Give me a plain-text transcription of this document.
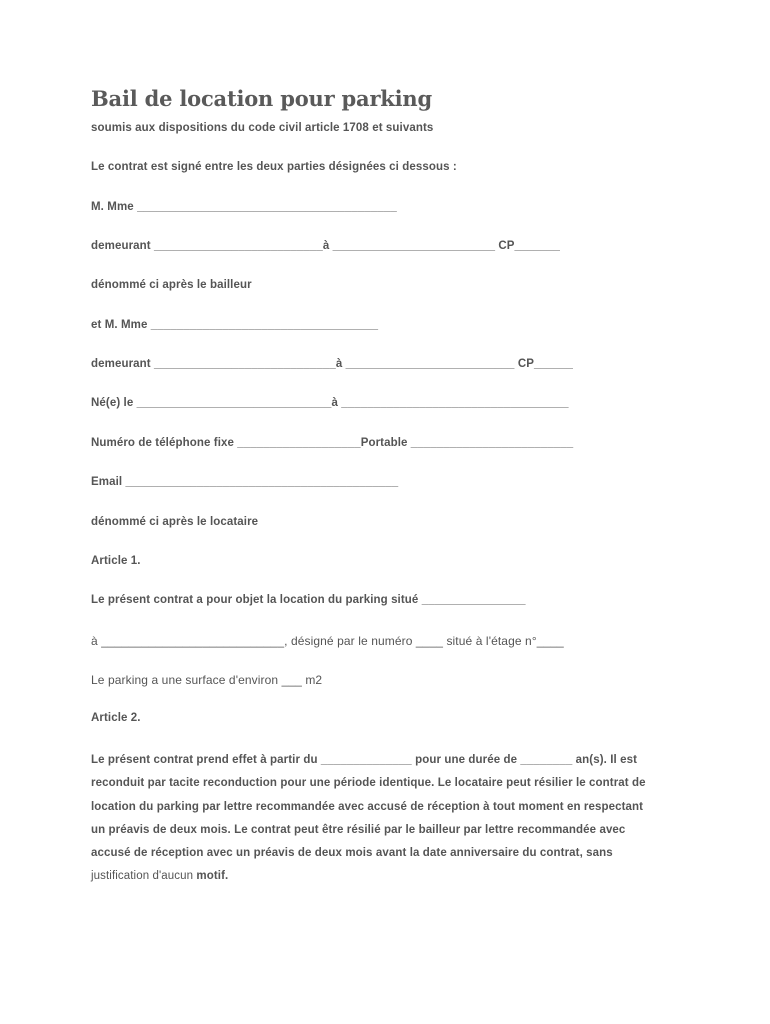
Bail de location pour parking

soumis aux dispositions du code civil article 1708 et suivants

Le contrat est signé entre les deux parties désignées ci dessous :

M. Mme ________________________________________

demeurant __________________________à _________________________ CP_______

dénommé ci après le bailleur

et M. Mme ___________________________________

demeurant ____________________________à __________________________ CP______

Né(e) le ______________________________à ___________________________________

Numéro de téléphone fixe ___________________Portable _________________________

Email __________________________________________

dénommé ci après le locataire

Article 1.

Le présent contrat a pour objet la location du parking situé ________________

à ___________________________, désigné par le numéro ____ situé à l'étage n°____

Le parking a une surface d'environ ___ m2

Article 2.

Le présent contrat prend effet à partir du ______________ pour une durée de ________ an(s). Il est
reconduit par tacite reconduction pour une période identique. Le locataire peut résilier le contrat de
location du parking par lettre recommandée avec accusé de réception à tout moment en respectant
un préavis de deux mois. Le contrat peut être résilié par le bailleur par lettre recommandée avec
accusé de réception avec un préavis de deux mois avant la date anniversaire du contrat, sans
justification d'aucun motif.
